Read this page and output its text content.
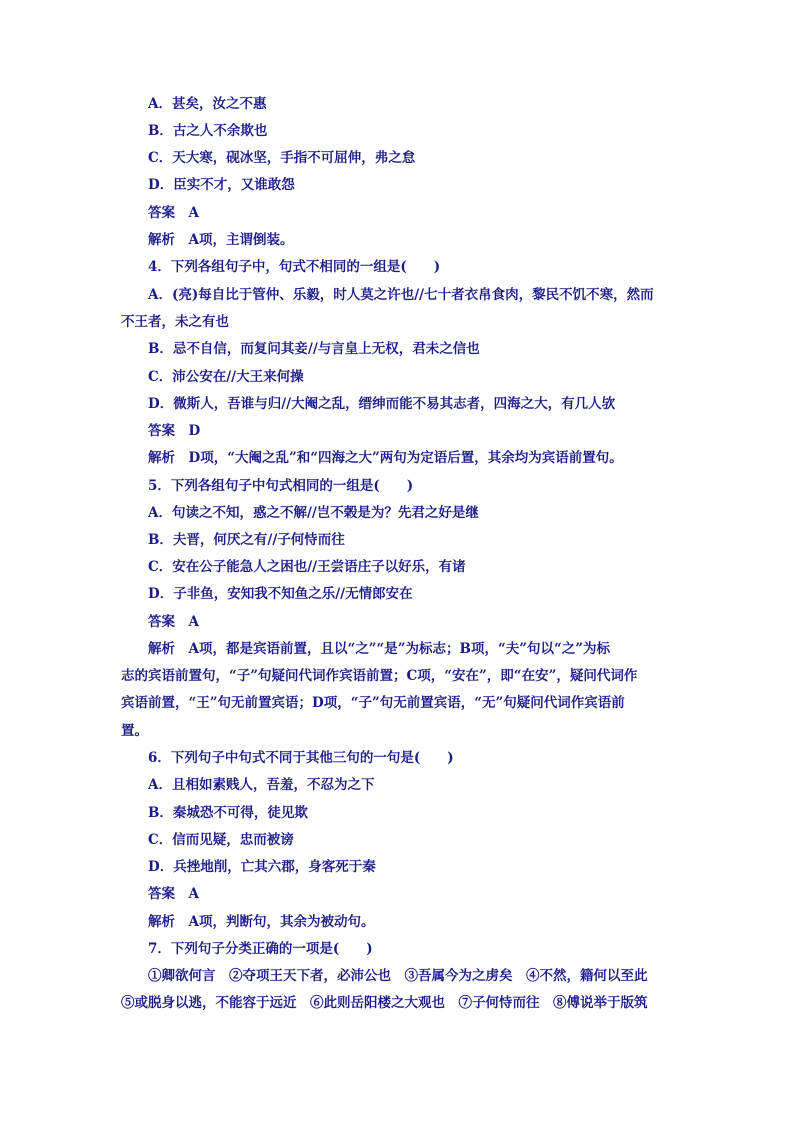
A．甚矣，汝之不惠
B．古之人不余欺也
C．天大寒，砚冰坚，手指不可屈伸，弗之怠
D．臣实不才，又谁敢怨
答案　A
解析　A项，主谓倒装。
4．下列各组句子中，句式不相同的一组是(　　)
A．(亮)每自比于管仲、乐毅，时人莫之许也//七十者衣帛食肉，黎民不饥不寒，然而
不王者，未之有也
B．忌不自信，而复问其妾//与言皇上无权，君未之信也
C．沛公安在//大王来何操
D．微斯人，吾谁与归//大阉之乱，缙绅而能不易其志者，四海之大，有几人欤
答案　D
解析　D项，“大阉之乱”和“四海之大”两句为定语后置，其余均为宾语前置句。
5．下列各组句子中句式相同的一组是(　　)
A．句读之不知，惑之不解//岂不榖是为？先君之好是继
B．夫晋，何厌之有//子何恃而往
C．安在公子能急人之困也//王尝语庄子以好乐，有诸
D．子非鱼，安知我不知鱼之乐//无情郎安在
答案　A
解析　A项，都是宾语前置，且以“之”“是”为标志；B项，“夫”句以“之”为标
志的宾语前置句，“子”句疑问代词作宾语前置；C项，“安在”，即“在安”，疑问代词作
宾语前置，“王”句无前置宾语；D项，“子”句无前置宾语，“无”句疑问代词作宾语前
置。
6．下列句子中句式不同于其他三句的一句是(　　)
A．且相如素贱人，吾羞，不忍为之下
B．秦城恐不可得，徒见欺
C．信而见疑，忠而被谤
D．兵挫地削，亡其六郡，身客死于秦
答案　A
解析　A项，判断句，其余为被动句。
7．下列句子分类正确的一项是(　　)
①卿欲何言　②夺项王天下者，必沛公也　③吾属今为之虏矣　④不然，籍何以至此
⑤或脱身以逃，不能容于远近　⑥此则岳阳楼之大观也　⑦子何恃而往　⑧傅说举于版筑
